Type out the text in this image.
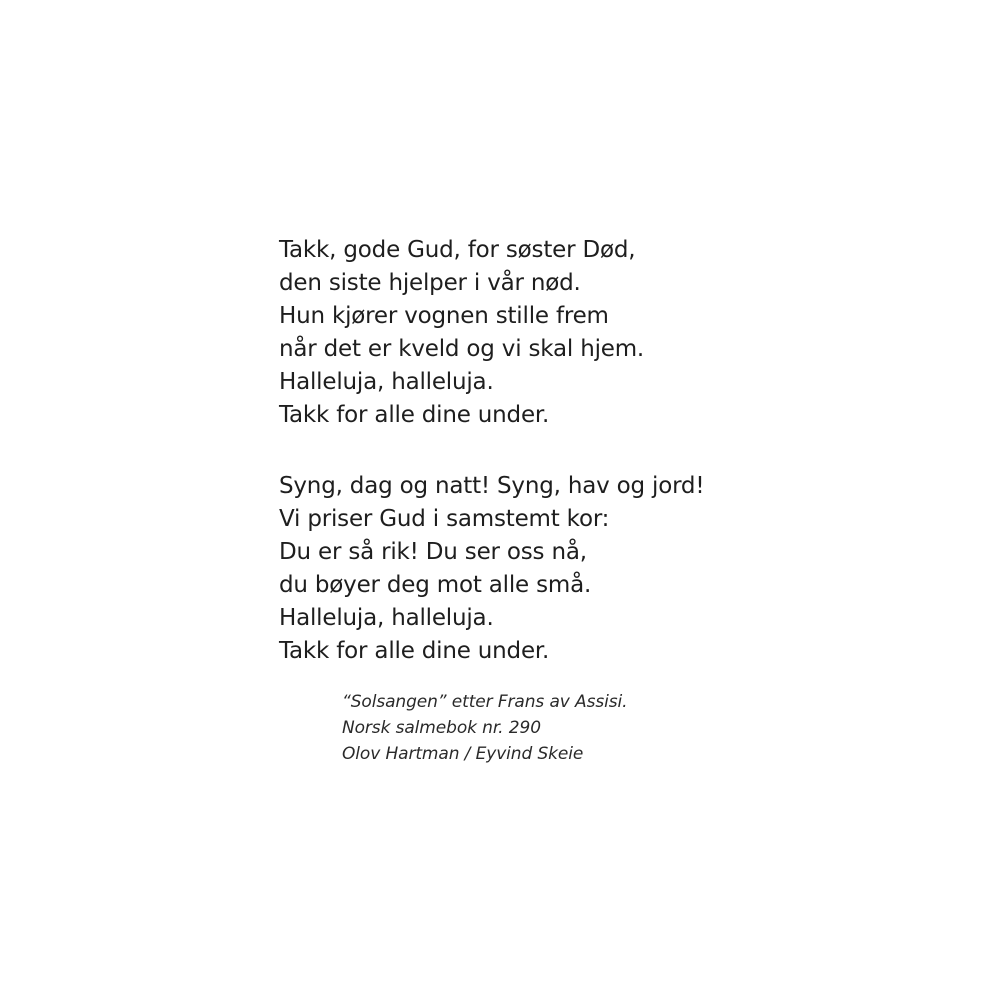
Takk, gode Gud, for søster Død,
den siste hjelper i vår nød.
Hun kjører vognen stille frem
når det er kveld og vi skal hjem.
Halleluja, halleluja.
Takk for alle dine under.
Syng, dag og natt! Syng, hav og jord!
Vi priser Gud i samstemt kor:
Du er så rik! Du ser oss nå,
du bøyer deg mot alle små.
Halleluja, halleluja.
Takk for alle dine under.
“Solsangen” etter Frans av Assisi.
Norsk salmebok nr. 290
Olov Hartman / Eyvind Skeie
